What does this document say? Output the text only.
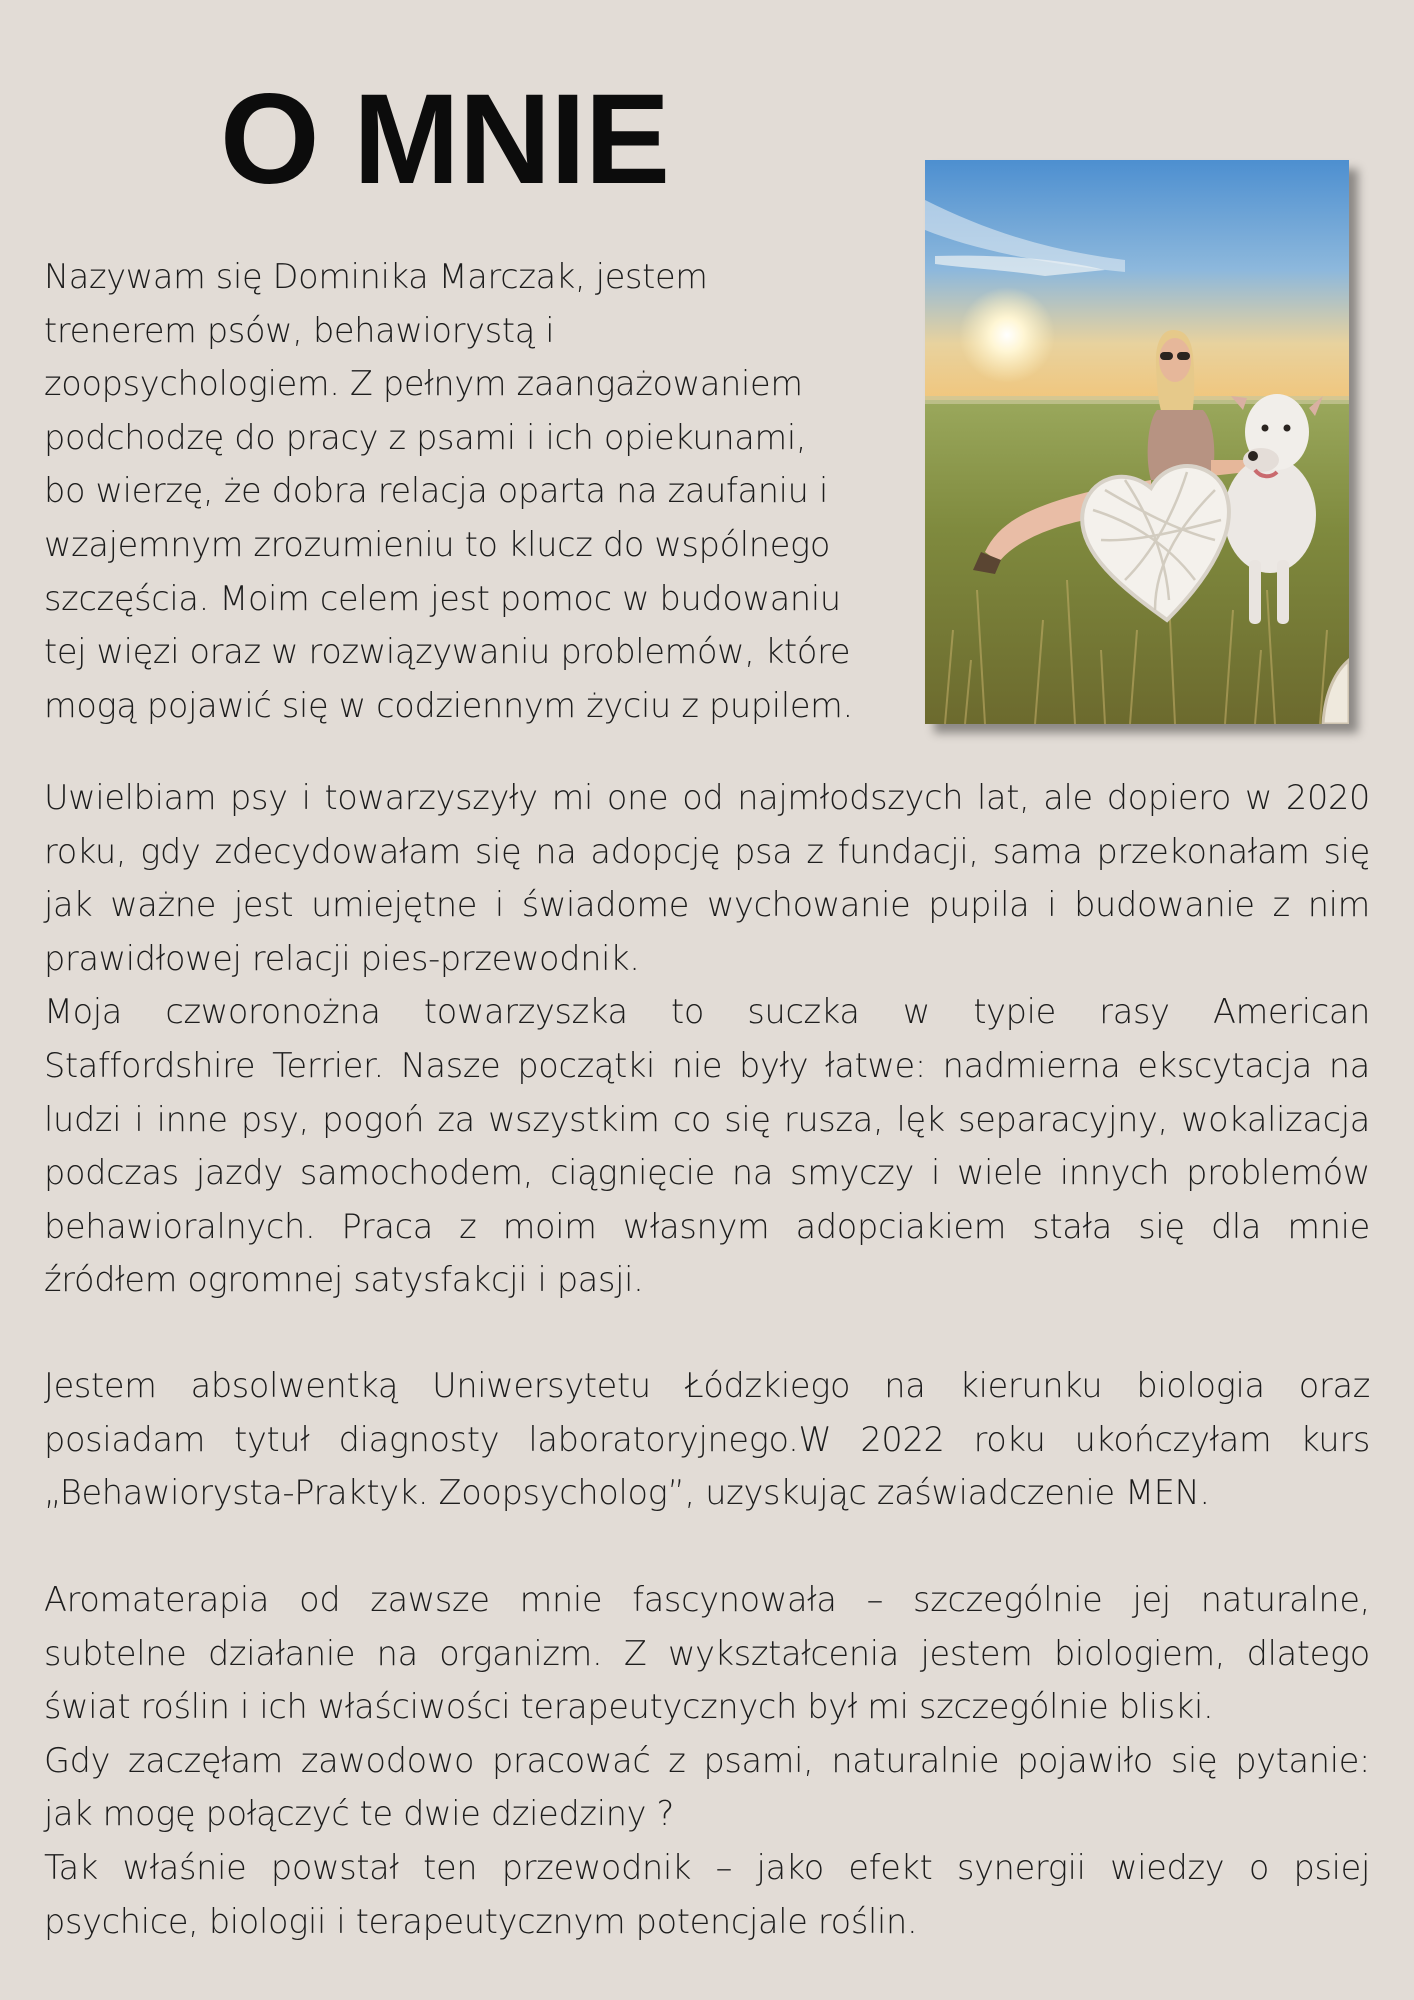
O MNIE

Nazywam się Dominika Marczak, jestem
trenerem psów, behawiorystą i
zoopsychologiem. Z pełnym zaangażowaniem
podchodzę do pracy z psami i ich opiekunami,
bo wierzę, że dobra relacja oparta na zaufaniu i
wzajemnym zrozumieniu to klucz do wspólnego
szczęścia. Moim celem jest pomoc w budowaniu
tej więzi oraz w rozwiązywaniu problemów, które
mogą pojawić się w codziennym życiu z pupilem.

Uwielbiam psy i towarzyszyły mi one od najmłodszych lat, ale dopiero w 2020
roku, gdy zdecydowałam się na adopcję psa z fundacji, sama przekonałam się
jak ważne jest umiejętne i świadome wychowanie pupila i budowanie z nim
prawidłowej relacji pies-przewodnik.
Moja czworonożna towarzyszka to suczka w typie rasy American
Staffordshire Terrier. Nasze początki nie były łatwe: nadmierna ekscytacja na
ludzi i inne psy, pogoń za wszystkim co się rusza, lęk separacyjny, wokalizacja
podczas jazdy samochodem, ciągnięcie na smyczy i wiele innych problemów
behawioralnych. Praca z moim własnym adopciakiem stała się dla mnie
źródłem ogromnej satysfakcji i pasji.

Jestem absolwentką Uniwersytetu Łódzkiego na kierunku biologia oraz
posiadam tytuł diagnosty laboratoryjnego.W 2022 roku ukończyłam kurs
„Behawiorysta-Praktyk. Zoopsycholog”, uzyskując zaświadczenie MEN.

Aromaterapia od zawsze mnie fascynowała – szczególnie jej naturalne,
subtelne działanie na organizm. Z wykształcenia jestem biologiem, dlatego
świat roślin i ich właściwości terapeutycznych był mi szczególnie bliski.
Gdy zaczęłam zawodowo pracować z psami, naturalnie pojawiło się pytanie:
jak mogę połączyć te dwie dziedziny ?
Tak właśnie powstał ten przewodnik – jako efekt synergii wiedzy o psiej
psychice, biologii i terapeutycznym potencjale roślin.
